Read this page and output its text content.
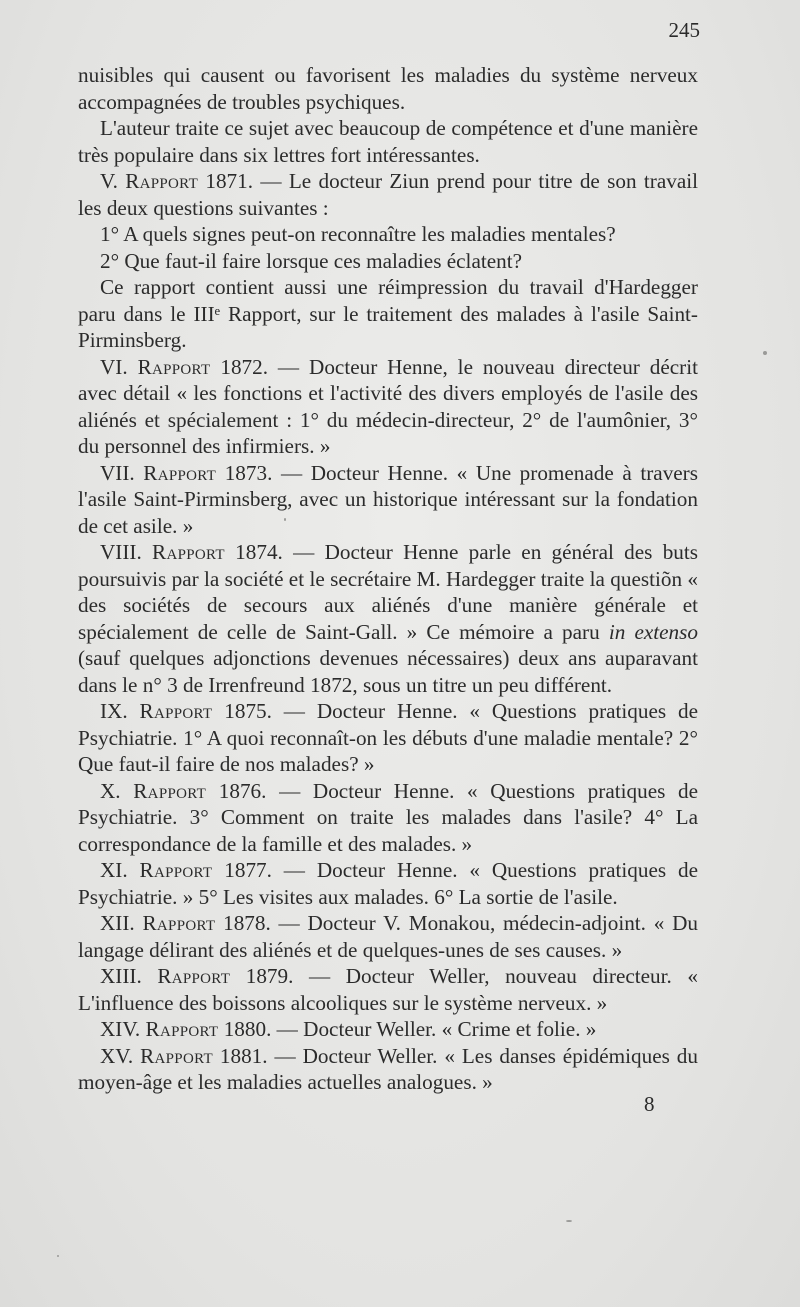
245

nuisibles qui causent ou favorisent les maladies du système nerveux accompagnées de troubles psychiques.

L'auteur traite ce sujet avec beaucoup de compétence et d'une manière très populaire dans six lettres fort intéressantes.

V. Rapport 1871. — Le docteur Ziun prend pour titre de son travail les deux questions suivantes :

1° A quels signes peut-on reconnaître les maladies mentales?

2° Que faut-il faire lorsque ces maladies éclatent?

Ce rapport contient aussi une réimpression du travail d'Hardegger paru dans le IIIᵉ Rapport, sur le traitement des malades à l'asile Saint-Pirminsberg.

VI. Rapport 1872. — Docteur Henne, le nouveau directeur décrit avec détail « les fonctions et l'activité des divers employés de l'asile des aliénés et spécialement : 1° du médecin-directeur, 2° de l'aumônier, 3° du personnel des infirmiers. »

VII. Rapport 1873. — Docteur Henne. « Une promenade à travers l'asile Saint-Pirminsberg, avec un historique intéressant sur la fondation de cet asile. »

VIII. Rapport 1874. — Docteur Henne parle en général des buts poursuivis par la société et le secrétaire M. Hardegger traite la questiõn « des sociétés de secours aux aliénés d'une manière générale et spécialement de celle de Saint-Gall. » Ce mémoire a paru in extenso (sauf quelques adjonctions devenues nécessaires) deux ans auparavant dans le n° 3 de Irrenfreund 1872, sous un titre un peu différent.

IX. Rapport 1875. — Docteur Henne. « Questions pratiques de Psychiatrie. 1° A quoi reconnaît-on les débuts d'une maladie mentale? 2° Que faut-il faire de nos malades? »

X. Rapport 1876. — Docteur Henne. « Questions pratiques de Psychiatrie. 3° Comment on traite les malades dans l'asile? 4° La correspondance de la famille et des malades. »

XI. Rapport 1877. — Docteur Henne. « Questions pratiques de Psychiatrie. » 5° Les visites aux malades. 6° La sortie de l'asile.

XII. Rapport 1878. — Docteur V. Monakou, médecin-adjoint. « Du langage délirant des aliénés et de quelques-unes de ses causes. »

XIII. Rapport 1879. — Docteur Weller, nouveau directeur. « L'influence des boissons alcooliques sur le système nerveux. »

XIV. Rapport 1880. — Docteur Weller. « Crime et folie. »

XV. Rapport 1881. — Docteur Weller. « Les danses épidémiques du moyen-âge et les maladies actuelles analogues. »

8
